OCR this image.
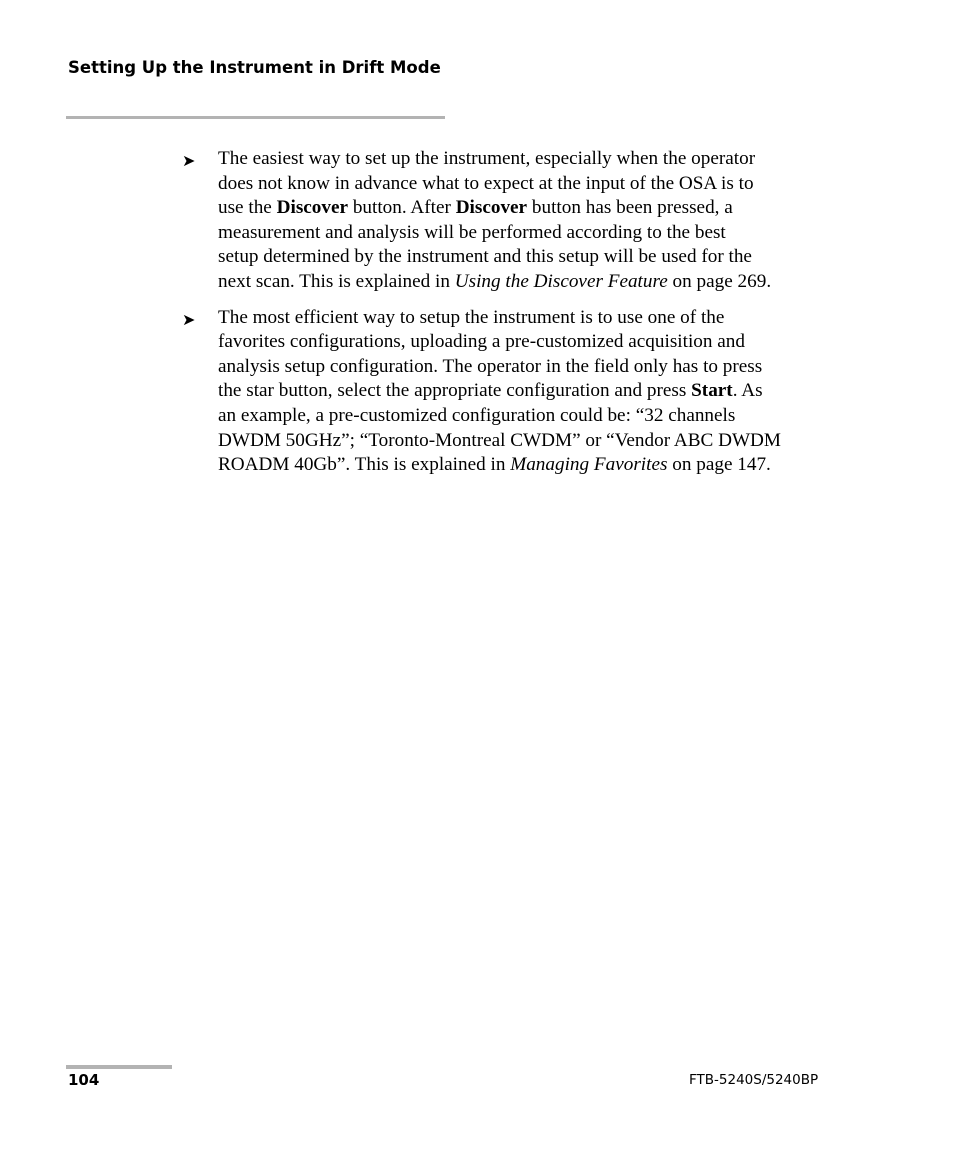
Setting Up the Instrument in Drift Mode
➤ The easiest way to set up the instrument, especially when the operator
does not know in advance what to expect at the input of the OSA is to
use the Discover button. After Discover button has been pressed, a
measurement and analysis will be performed according to the best
setup determined by the instrument and this setup will be used for the
next scan. This is explained in Using the Discover Feature on page 269.
➤ The most efficient way to setup the instrument is to use one of the
favorites configurations, uploading a pre-customized acquisition and
analysis setup configuration. The operator in the field only has to press
the star button, select the appropriate configuration and press Start. As
an example, a pre-customized configuration could be: “32 channels
DWDM 50GHz”; “Toronto-Montreal CWDM” or “Vendor ABC DWDM
ROADM 40Gb”. This is explained in Managing Favorites on page 147.
104	FTB-5240S/5240BP
